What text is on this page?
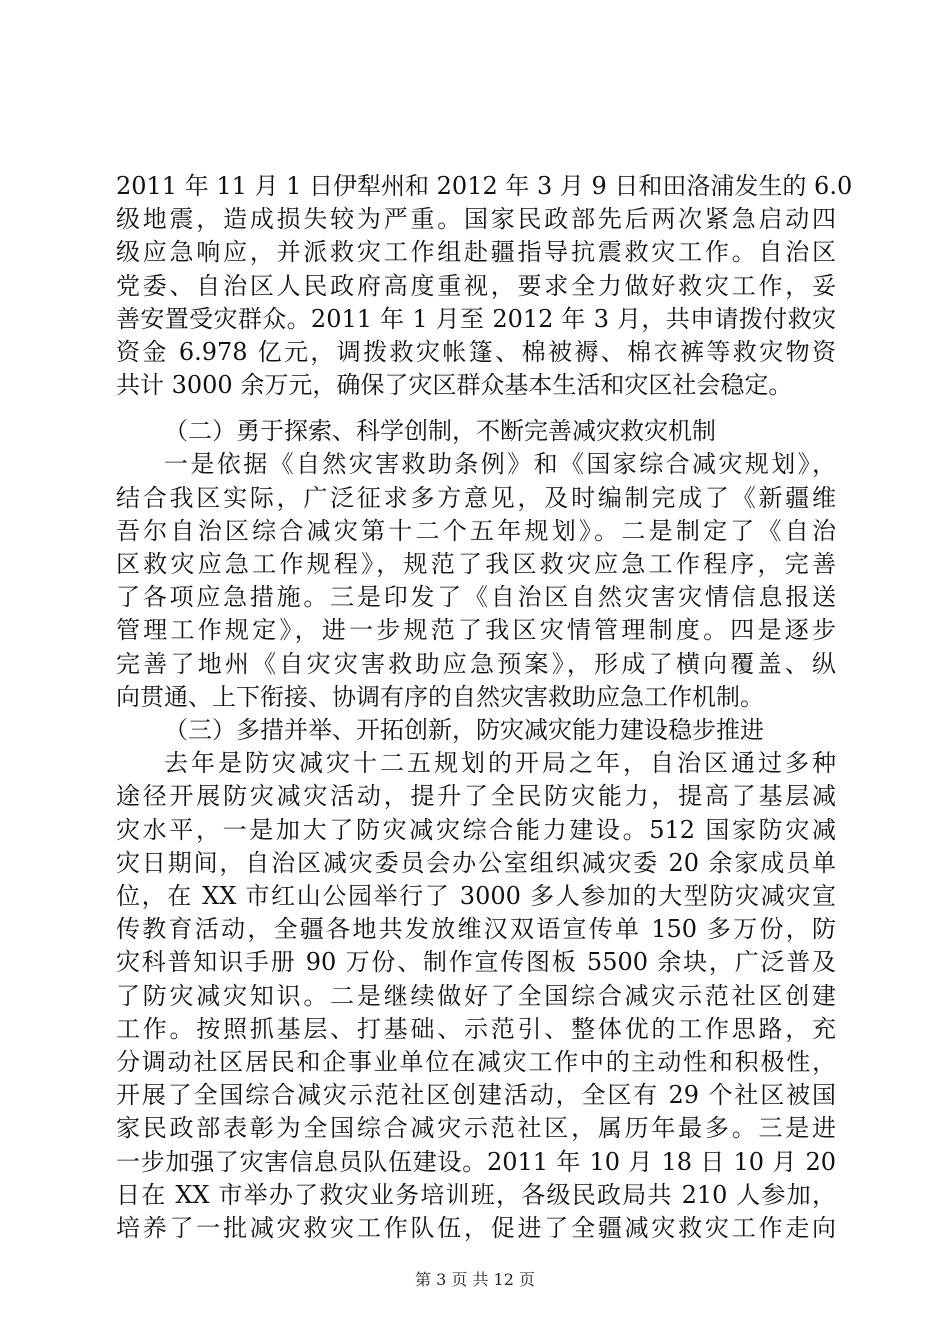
2011 年 11 月 1 日伊犁州和 2012 年 3 月 9 日和田洛浦发生的 6.0
级地震，造成损失较为严重。国家民政部先后两次紧急启动四
级应急响应，并派救灾工作组赴疆指导抗震救灾工作。自治区
党委、自治区人民政府高度重视，要求全力做好救灾工作，妥
善安置受灾群众。2011 年 1 月至 2012 年 3 月，共申请拨付救灾
资金 6.978 亿元，调拨救灾帐篷、棉被褥、棉衣裤等救灾物资
共计 3000 余万元，确保了灾区群众基本生活和灾区社会稳定。
（二）勇于探索、科学创制，不断完善减灾救灾机制
一是依据《自然灾害救助条例》和《国家综合减灾规划》，
结合我区实际，广泛征求多方意见，及时编制完成了《新疆维
吾尔自治区综合减灾第十二个五年规划》。二是制定了《自治
区救灾应急工作规程》，规范了我区救灾应急工作程序，完善
了各项应急措施。三是印发了《自治区自然灾害灾情信息报送
管理工作规定》，进一步规范了我区灾情管理制度。四是逐步
完善了地州《自灾灾害救助应急预案》，形成了横向覆盖、纵
向贯通、上下衔接、协调有序的自然灾害救助应急工作机制。
（三）多措并举、开拓创新，防灾减灾能力建设稳步推进
去年是防灾减灾十二五规划的开局之年，自治区通过多种
途径开展防灾减灾活动，提升了全民防灾能力，提高了基层减
灾水平，一是加大了防灾减灾综合能力建设。512 国家防灾减
灾日期间，自治区减灾委员会办公室组织减灾委 20 余家成员单
位，在 XX 市红山公园举行了 3000 多人参加的大型防灾减灾宣
传教育活动，全疆各地共发放维汉双语宣传单 150 多万份，防
灾科普知识手册 90 万份、制作宣传图板 5500 余块，广泛普及
了防灾减灾知识。二是继续做好了全国综合减灾示范社区创建
工作。按照抓基层、打基础、示范引、整体优的工作思路，充
分调动社区居民和企事业单位在减灾工作中的主动性和积极性，
开展了全国综合减灾示范社区创建活动，全区有 29 个社区被国
家民政部表彰为全国综合减灾示范社区，属历年最多。三是进
一步加强了灾害信息员队伍建设。2011 年 10 月 18 日 10 月 20
日在 XX 市举办了救灾业务培训班，各级民政局共 210 人参加，
培养了一批减灾救灾工作队伍，促进了全疆减灾救灾工作走向
第 3 页 共 12 页
